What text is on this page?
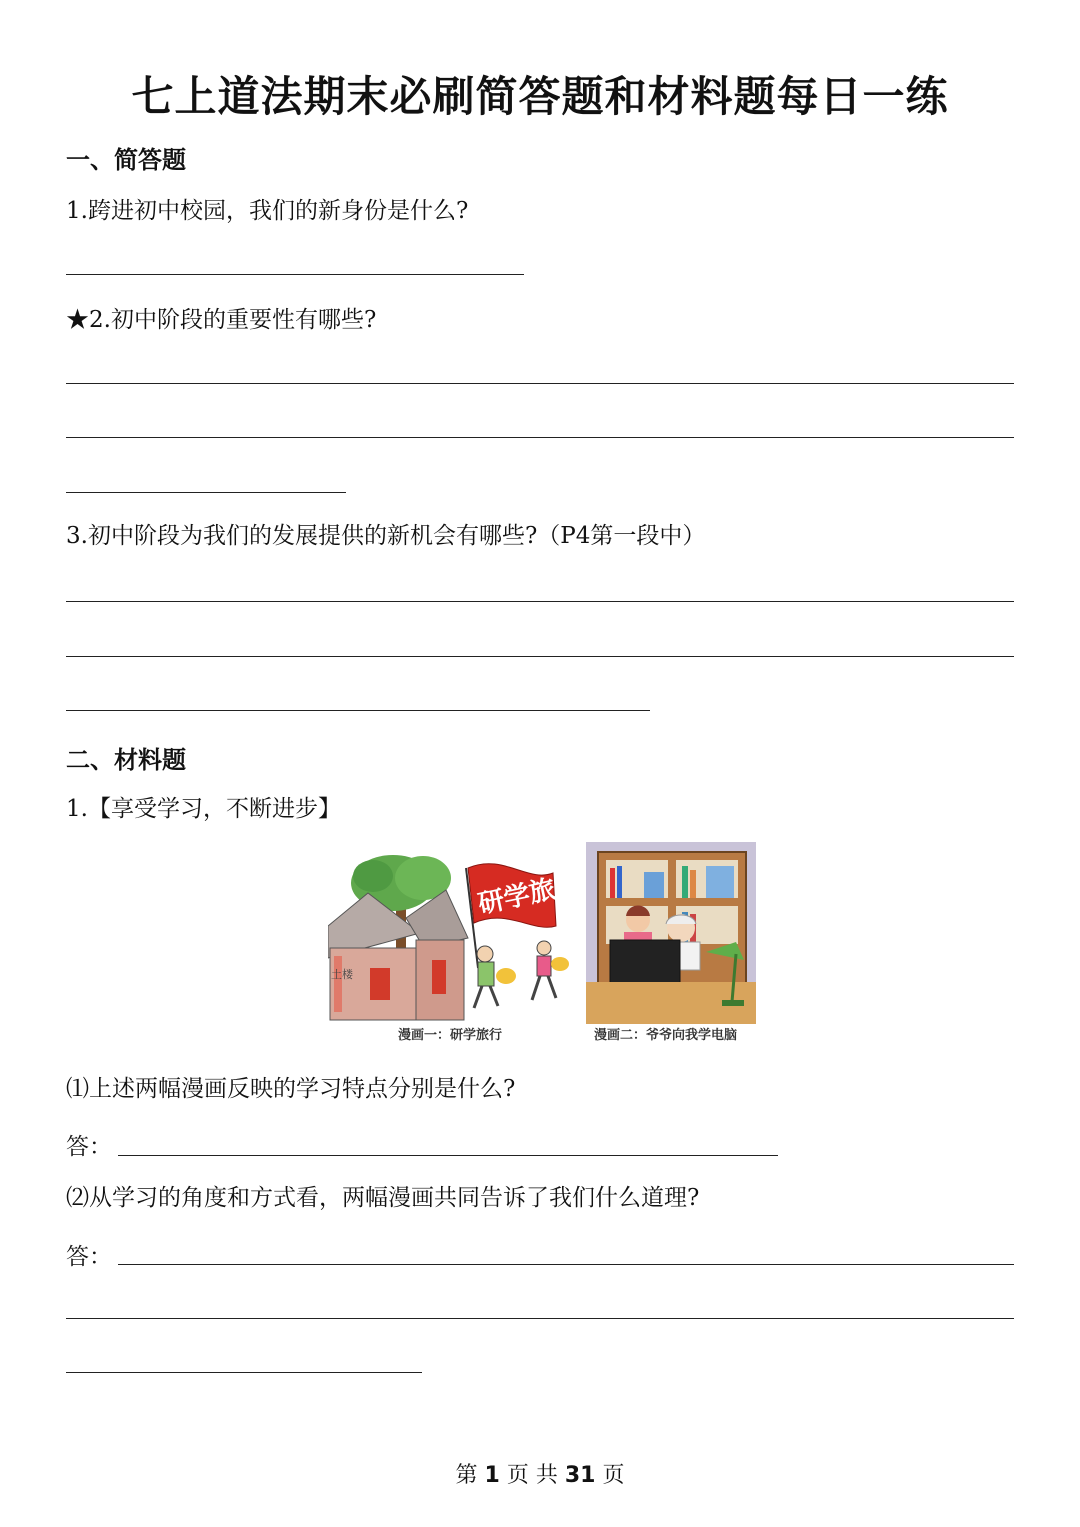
七上道法期末必刷简答题和材料题每日一练
一、简答题
1.跨进初中校园，我们的新身份是什么?
★2.初中阶段的重要性有哪些?
3.初中阶段为我们的发展提供的新机会有哪些?（P4第一段中）
二、材料题
1.【享受学习，不断进步】
研学旅行
土楼
漫画一：研学旅行	漫画二：爷爷向我学电脑
⑴上述两幅漫画反映的学习特点分别是什么?
答：
⑵从学习的角度和方式看，两幅漫画共同告诉了我们什么道理?
答：
第 1 页 共 31 页
